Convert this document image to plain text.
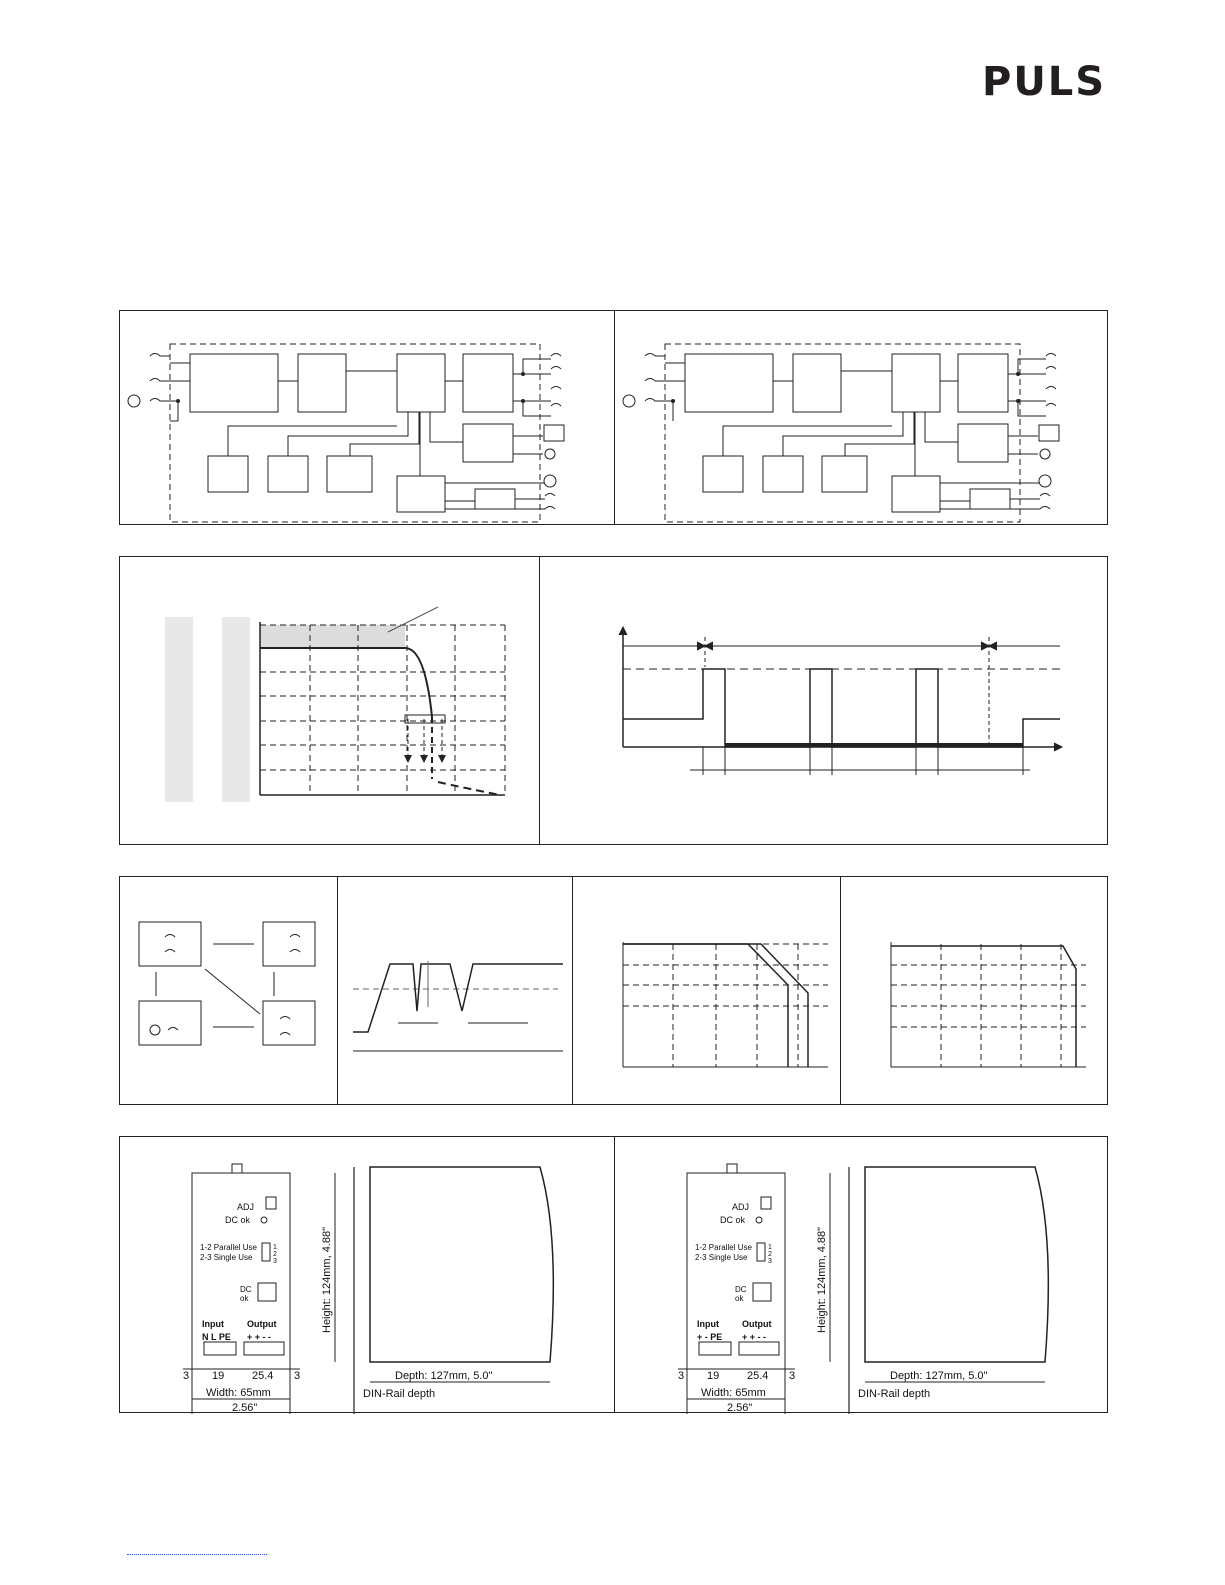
PULS
ADJ
DC ok
1-2 Parallel Use
2-3 Single Use
1
2
3
DC
ok
Input
N L PE
Output
+ + - -
3 19	25.4 3
Width: 65mm
2.56"
Height: 124mm, 4.88"
Depth: 127mm, 5.0"
DIN-Rail depth
ADJ
DC ok
1-2 Parallel Use
2-3 Single Use
1
2
3
DC
ok
Input
+ - PE
Output
+ + - -
3 19	25.4 3
Width: 65mm
2.56"
Height: 124mm, 4.88"
Depth: 127mm, 5.0"
DIN-Rail depth
